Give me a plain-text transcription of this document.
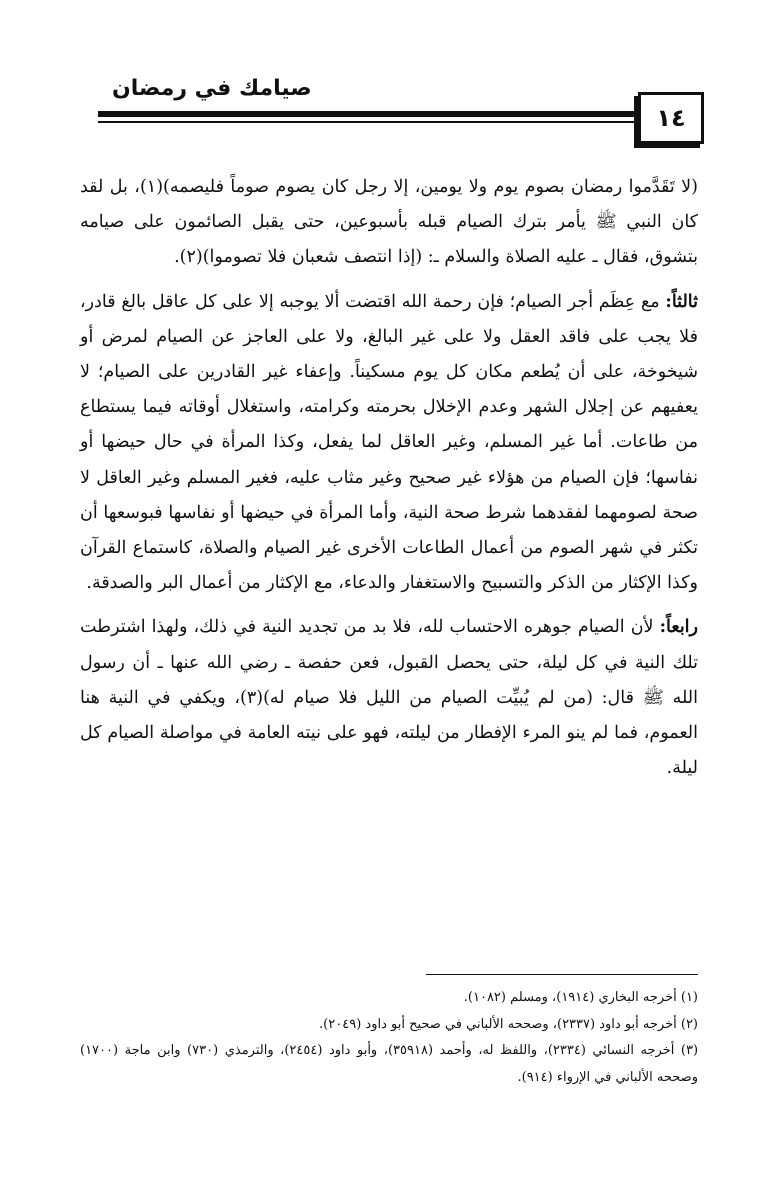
صيامك في رمضان
١٤

(لا تَقَدَّموا رمضان بصوم يوم ولا يومين، إلا رجل كان يصوم صوماً فليصمه)(١)، بل لقد كان النبي ﷺ يأمر بترك الصيام قبله بأسبوعين، حتى يقبل الصائمون على صيامه بتشوق، فقال ـ عليه الصلاة والسلام ـ: (إذا انتصف شعبان فلا تصوموا)(٢).

ثالثاً: مع عِظَم أجر الصيام؛ فإن رحمة الله اقتضت ألا يوجبه إلا على كل عاقل بالغ قادر، فلا يجب على فاقد العقل ولا على غير البالغ، ولا على العاجز عن الصيام لمرض أو شيخوخة، على أن يُطعم مكان كل يوم مسكيناً. وإعفاء غير القادرين على الصيام؛ لا يعفيهم عن إجلال الشهر وعدم الإخلال بحرمته وكرامته، واستغلال أوقاته فيما يستطاع من طاعات. أما غير المسلم، وغير العاقل لما يفعل، وكذا المرأة في حال حيضها أو نفاسها؛ فإن الصيام من هؤلاء غير صحيح وغير مثاب عليه، فغير المسلم وغير العاقل لا صحة لصومهما لفقدهما شرط صحة النية، وأما المرأة في حيضها أو نفاسها فبوسعها أن تكثر في شهر الصوم من أعمال الطاعات الأخرى غير الصيام والصلاة، كاستماع القرآن وكذا الإكثار من الذكر والتسبيح والاستغفار والدعاء، مع الإكثار من أعمال البر والصدقة.

رابعاً: لأن الصيام جوهره الاحتساب لله، فلا بد من تجديد النية في ذلك، ولهذا اشترطت تلك النية في كل ليلة، حتى يحصل القبول، فعن حفصة ـ رضي الله عنها ـ أن رسول الله ﷺ قال: (من لم يُبيِّت الصيام من الليل فلا صيام له)(٣)، ويكفي في النية هنا العموم، فما لم ينو المرء الإفطار من ليلته، فهو على نيته العامة في مواصلة الصيام كل ليلة.

(١) أخرجه البخاري (١٩١٤)، ومسلم (١٠٨٢).

(٢) أخرجه أبو داود (٢٣٣٧)، وصححه الألباني في صحيح أبو داود (٢٠٤٩).

(٣) أخرجه النسائي (٢٣٣٤)، واللفظ له، وأحمد (٣٥٩١٨)، وأبو داود (٢٤٥٤)، والترمذي (٧٣٠) وابن ماجة (١٧٠٠) وصححه الألباني في الإرواء (٩١٤).
